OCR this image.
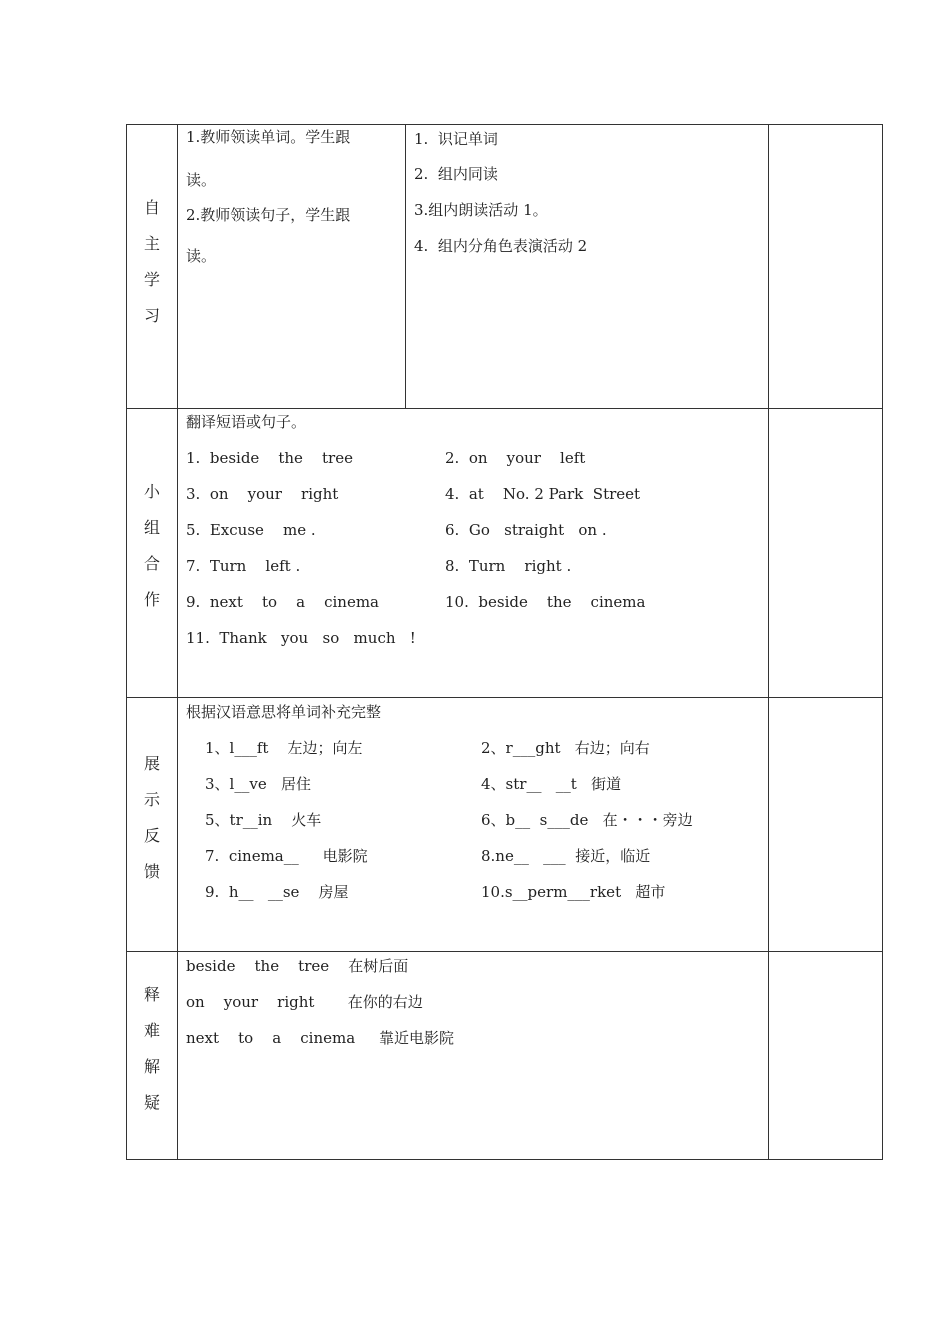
自
主
学
习
1.教师领读单词。学生跟
读。
2.教师领读句子，学生跟
读。
1.  识记单词
2.  组内同读
3.组内朗读活动 1。
4.  组内分角色表演活动 2
小
组
合
作
翻译短语或句子。
1.  beside    the    tree	2.  on    your    left
3.  on    your    right	4.  at    No. 2 Park  Street
5.  Excuse    me .	6.  Go   straight   on .
7.  Turn    left .	8.  Turn    right .
9.  next    to    a    cinema	10.  beside    the    cinema
11.  Thank   you   so   much   !
展
示
反
馈
根据汉语意思将单词补充完整
1、l___ft    左边；向左	2、r___ght   右边；向右
3、l__ve   居住	4、str__   __t   街道
5、tr__in    火车	6、b__  s___de   在・・・旁边
7.  cinema__     电影院	8.ne__   ___  接近，临近
9.  h__   __se    房屋	10.s__perm___rket   超市
释
难
解
疑
beside    the    tree    在树后面
on    your    right       在你的右边
next    to    a    cinema     靠近电影院
